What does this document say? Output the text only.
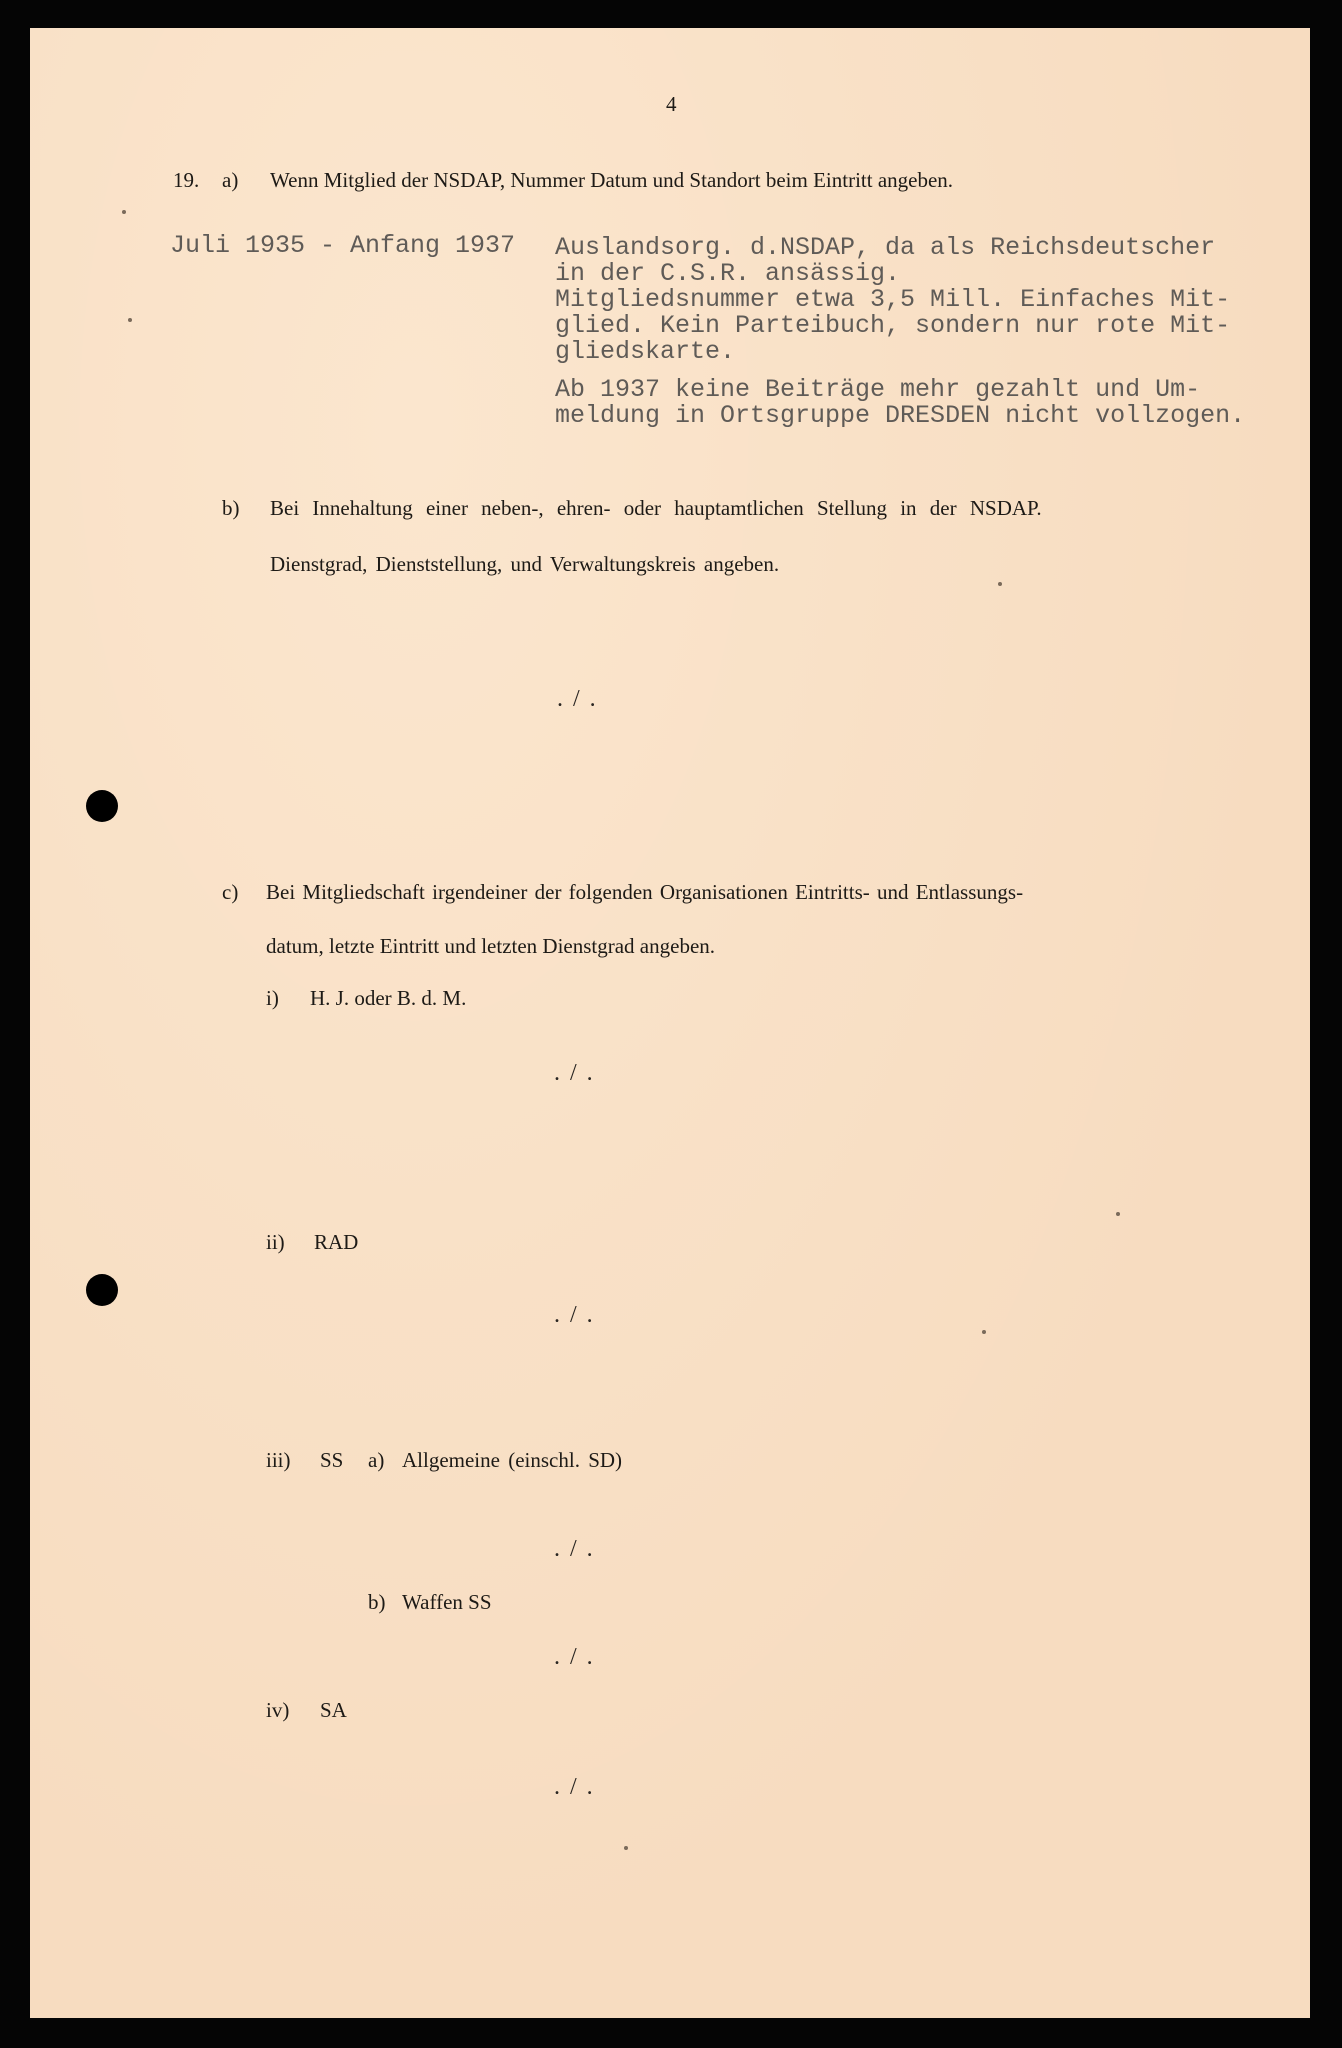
4
19. a) Wenn Mitglied der NSDAP, Nummer Datum und Standort beim Eintritt angeben.
Juli 1935 - Anfang 1937 Auslandsorg. d.NSDAP, da als Reichsdeutscher
in der C.S.R. ansässig.
Mitgliedsnummer etwa 3,5 Mill. Einfaches Mit-
glied. Kein Parteibuch, sondern nur rote Mit-
gliedskarte.
Ab 1937 keine Beiträge mehr gezahlt und Um-
meldung in Ortsgruppe DRESDEN nicht vollzogen.
b) Bei Innehaltung einer neben-, ehren- oder hauptamtlichen Stellung in der NSDAP.
Dienstgrad, Dienststellung, und Verwaltungskreis angeben.
./.
c) Bei Mitgliedschaft irgendeiner der folgenden Organisationen Eintritts- und Entlassungs-
datum, letzte Eintritt und letzten Dienstgrad angeben.
i) H. J. oder B. d. M.
./.
ii) RAD
./.
iii) SS a) Allgemeine (einschl. SD)
./.
b) Waffen SS
./.
iv) SA
./.
